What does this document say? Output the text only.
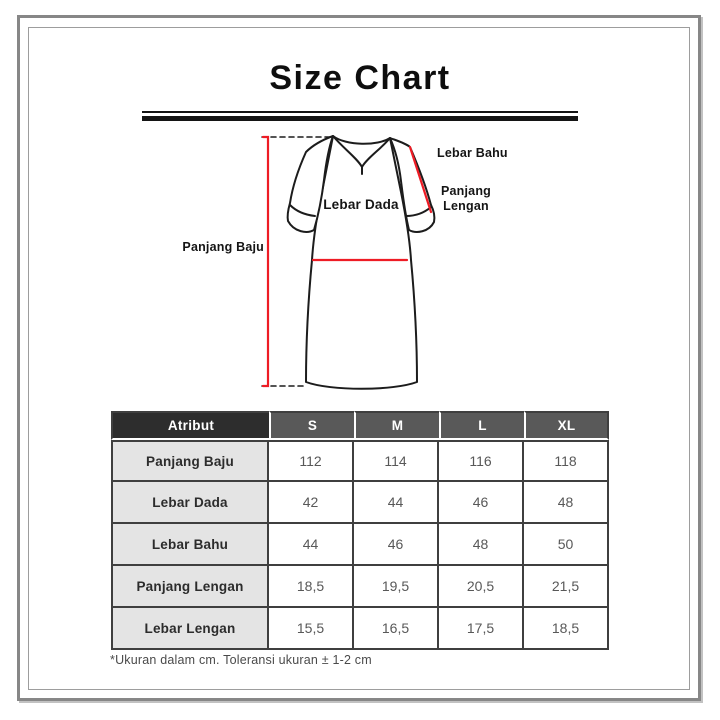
Size Chart
Panjang Baju
Lebar Dada
Lebar Bahu
Panjang
Lengan
Atribut	S	M	L	XL
Panjang Baju	112	114	116	118
Lebar Dada	42	44	46	48
Lebar Bahu	44	46	48	50
Panjang Lengan	18,5	19,5	20,5	21,5
Lebar Lengan	15,5	16,5	17,5	18,5
*Ukuran dalam cm. Toleransi ukuran ± 1-2 cm
